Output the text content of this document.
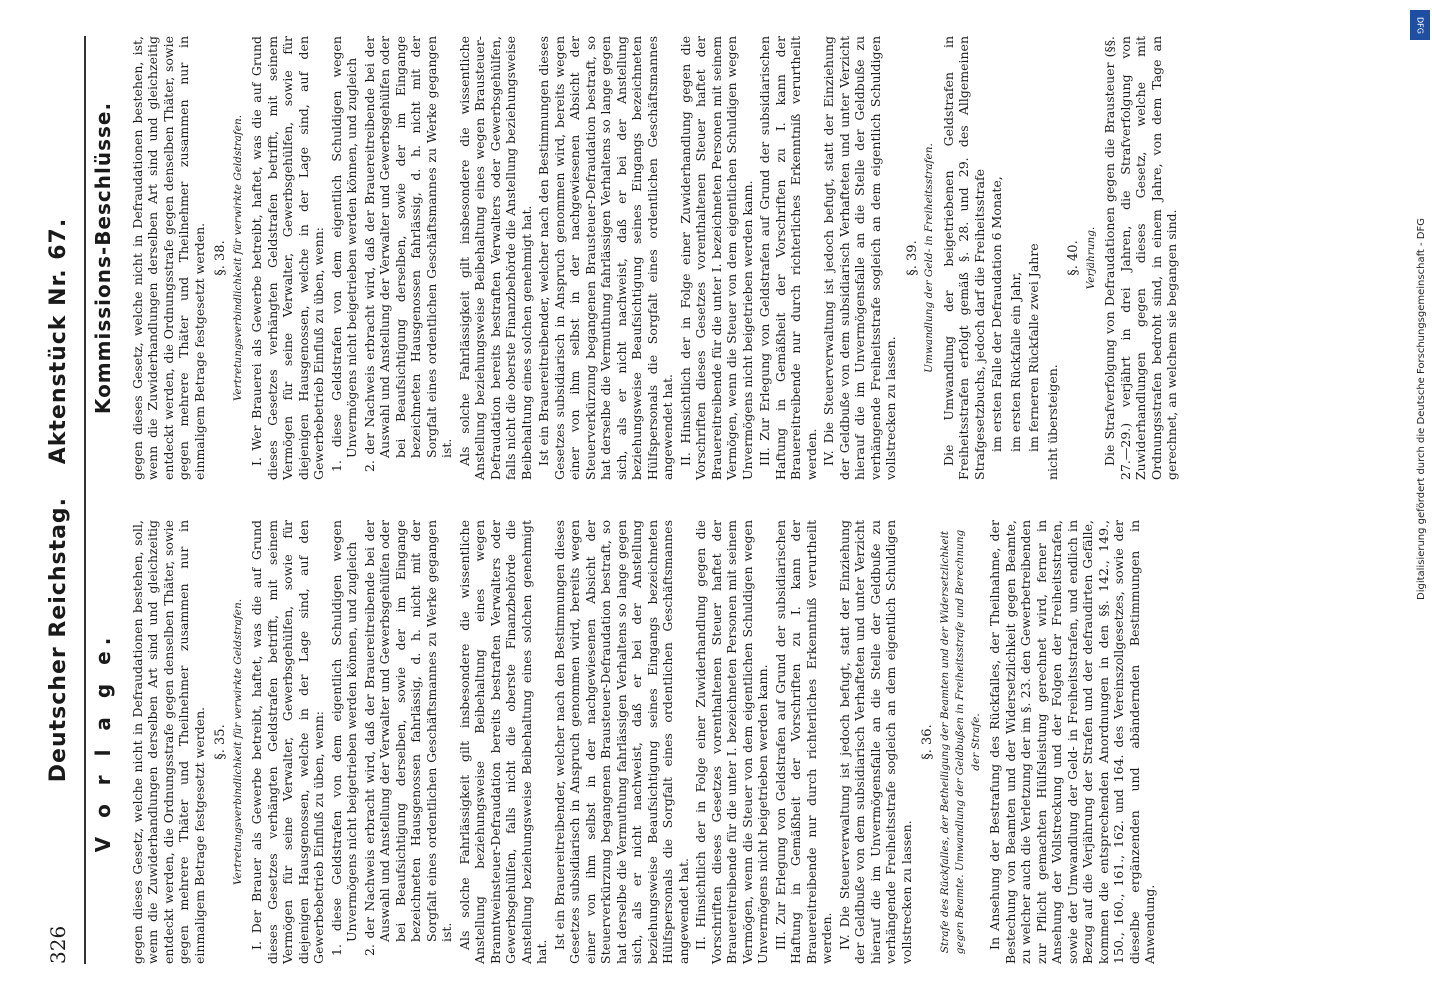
326
Deutscher Reichstag. Aktenstück Nr. 67.
V o r l a g e. gegen dieses Gesetz, welche nicht in Defraudationen bestehen, soll, wenn die Zuwiderhandlungen derselben Art sind und gleichzeitig entdeckt werden, die Ordnungsstrafe gegen denselben Thäter, sowie gegen mehrere Thäter und Theilnehmer zusammen nur in einmaligem Betrage festgesetzt werden. §. 35. Vertretungsverbindlichkeit für verwirkte Geldstrafen. I. Der Brauer als Gewerbe betreibt, haftet, was die auf Grund dieses Gesetzes verhängten Geldstrafen betrifft, mit seinem Vermögen für seine Verwalter, Gewerbsgehülfen, sowie für diejenigen Hausgenossen, welche in der Lage sind, auf den Gewerbebetrieb Einfluß zu üben, wenn: 1. diese Geldstrafen von dem eigentlich Schuldigen wegen Unvermögens nicht beigetrieben werden können, und zugleich 2. der Nachweis erbracht wird, daß der Brauereitreibende bei der Auswahl und Anstellung der Verwalter und Gewerbsgehülfen oder bei Beaufsichtigung derselben, sowie der im Eingange bezeichneten Hausgenossen fahrlässig, d. h. nicht mit der Sorgfalt eines ordentlichen Geschäftsmannes zu Werke gegangen ist. Als solche Fahrlässigkeit gilt insbesondere die wissentliche Anstellung beziehungsweise Beibehaltung eines wegen Branntweinsteuer-Defraudation bereits bestraften Verwalters oder Gewerbsgehülfen, falls nicht die oberste Finanzbehörde die Anstellung beziehungsweise Beibehaltung eines solchen genehmigt hat.

Ist ein Brauereitreibender, welcher nach den Bestimmungen dieses Gesetzes subsidiarisch in Anspruch genommen wird, bereits wegen einer von ihm selbst in der nachgewiesenen Absicht der Steuerverkürzung begangenen Brausteuer-Defraudation bestraft, so hat derselbe die Vermuthung fahrlässigen Verhaltens so lange gegen sich, als er nicht nachweist, daß er bei der Anstellung beziehungsweise Beaufsichtigung seines Eingangs bezeichneten Hülfspersonals die Sorgfalt eines ordentlichen Geschäftsmannes angewendet hat. II. Hinsichtlich der in Folge einer Zuwiderhandlung gegen die Vorschriften dieses Gesetzes vorenthaltenen Steuer haftet der Brauereitreibende für die unter I. bezeichneten Personen mit seinem Vermögen, wenn die Steuer von dem eigentlichen Schuldigen wegen Unvermögens nicht beigetrieben werden kann. III. Zur Erlegung von Geldstrafen auf Grund der subsidiarischen Haftung in Gemäßheit der Vorschriften zu I. kann der Brauereitreibende nur durch richterliches Erkenntniß verurtheilt werden. IV. Die Steuerverwaltung ist jedoch befugt, statt der Einziehung der Geldbuße von dem subsidiarisch Verhafteten und unter Verzicht hierauf die im Unvermögensfalle an die Stelle der Geldbuße zu verhängende Freiheitsstrafe sogleich an dem eigentlich Schuldigen vollstrecken zu lassen.

§. 36. Strafe des Rückfalles, der Betheiligung der Beamten und der Widersetzlichkeit gegen Beamte. Umwandlung der Geldbußen in Freiheitsstrafe und Berechnung der Strafe. In Ansehung der Bestrafung des Rückfalles, der Theilnahme, der Bestechung von Beamten und der Widersetzlichkeit gegen Beamte, zu welcher auch die Verletzung der im §. 23. den Gewerbetreibenden zur Pflicht gemachten Hülfsleistung gerechnet wird, ferner in Ansehung der Vollstreckung und der Folgen der Freiheitsstrafen, sowie der Umwandlung der Geld- in Freiheitsstrafen, und endlich in Bezug auf die Verjährung der Strafen und der defraudirten Gefälle, kommen die entsprechenden Anordnungen in den §§. 142., 149., 150., 160., 161., 162. und 164. des Vereinszollgesetzes, sowie der dieselbe ergänzenden und abändernden Bestimmungen in Anwendung.

Kommissions-Beschlüsse. gegen dieses Gesetz, welche nicht in Defraudationen bestehen, ist, wenn die Zuwiderhandlungen derselben Art sind und gleichzeitig entdeckt werden, die Ordnungsstrafe gegen denselben Thäter, sowie gegen mehrere Thäter und Theilnehmer zusammen nur in einmaligem Betrage festgesetzt werden. §. 38. Vertretungsverbindlichkeit für verwirkte Geldstrafen. I. Wer Brauerei als Gewerbe betreibt, haftet, was die auf Grund dieses Gesetzes verhängten Geldstrafen betrifft, mit seinem Vermögen für seine Verwalter, Gewerbsgehülfen, sowie für diejenigen Hausgenossen, welche in der Lage sind, auf den Gewerbebetrieb Einfluß zu üben, wenn: 1. diese Geldstrafen von dem eigentlich Schuldigen wegen Unvermögens nicht beigetrieben werden können, und zugleich 2. der Nachweis erbracht wird, daß der Brauereitreibende bei der Auswahl und Anstellung der Verwalter und Gewerbsgehülfen oder bei Beaufsichtigung derselben, sowie der im Eingange bezeichneten Hausgenossen fahrlässig, d. h. nicht mit der Sorgfalt eines ordentlichen Geschäftsmannes zu Werke gegangen ist. Als solche Fahrlässigkeit gilt insbesondere die wissentliche Anstellung beziehungsweise Beibehaltung eines wegen Brausteuer-Defraudation bereits bestraften Verwalters oder Gewerbsgehülfen, falls nicht die oberste Finanzbehörde die Anstellung beziehungsweise Beibehaltung eines solchen genehmigt hat. Ist ein Brauereitreibender, welcher nach den Bestimmungen dieses Gesetzes subsidiarisch in Anspruch genommen wird, bereits wegen einer von ihm selbst in der nachgewiesenen Absicht der Steuerverkürzung begangenen Brausteuer-Defraudation bestraft, so hat derselbe die Vermuthung fahrlässigen Verhaltens so lange gegen sich, als er nicht nachweist, daß er bei der Anstellung beziehungsweise Beaufsichtigung seines Eingangs bezeichneten Hülfspersonals die Sorgfalt eines ordentlichen Geschäftsmannes angewendet hat. II. Hinsichtlich der in Folge einer Zuwiderhandlung gegen die Vorschriften dieses Gesetzes vorenthaltenen Steuer haftet der Brauereitreibende für die unter I. bezeichneten Personen mit seinem Vermögen, wenn die Steuer von dem eigentlichen Schuldigen wegen Unvermögens nicht beigetrieben werden kann. III. Zur Erlegung von Geldstrafen auf Grund der subsidiarischen Haftung in Gemäßheit der Vorschriften zu I. kann der Brauereitreibende nur durch richterliches Erkenntniß verurtheilt werden. IV. Die Steuerverwaltung ist jedoch befugt, statt der Einziehung der Geldbuße von dem subsidiarisch Verhafteten und unter Verzicht hierauf die im Unvermögensfalle an die Stelle der Geldbuße zu verhängende Freiheitsstrafe sogleich an dem eigentlich Schuldigen vollstrecken zu lassen.

§. 39. Umwandlung der Geld- in Freiheitsstrafen. Die Umwandlung der beigetriebenen Geldstrafen in Freiheitsstrafen erfolgt gemäß §. 28. und 29. des Allgemeinen Strafgesetzbuchs, jedoch darf die Freiheitsstrafe im ersten Falle der Defraudation 6 Monate, im ersten Rückfalle ein Jahr, im ferneren Rückfalle zwei Jahre nicht übersteigen.

§. 40. Verjährung. Die Strafverfolgung von Defraudationen gegen die Brausteuer (§§. 27.—29.) verjährt in drei Jahren, die Strafverfolgung von Zuwiderhandlungen gegen dieses Gesetz, welche mit Ordnungsstrafen bedroht sind, in einem Jahre, von dem Tage an gerechnet, an welchem sie begangen sind.

DFG
Digitalisierung gefördert durch die Deutsche Forschungsgemeinschaft - DFG
